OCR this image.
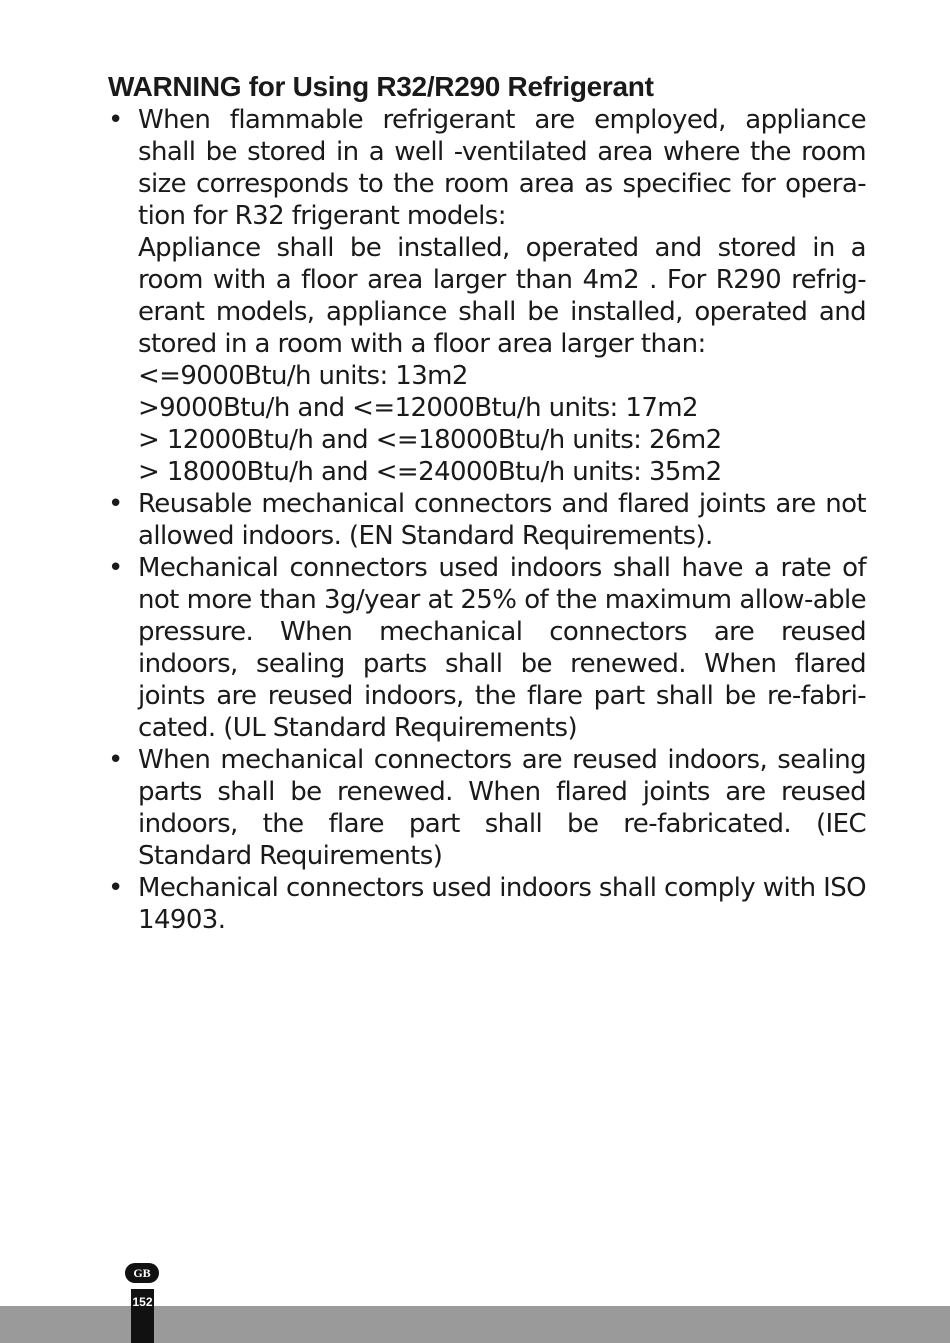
WARNING for Using R32/R290 Refrigerant
• When flammable refrigerant are employed, appliance shall be stored in a well -ventilated area where the room size corresponds to the room area as specifiec for opera-tion for R32 frigerant models:
Appliance shall be installed, operated and stored in a room with a floor area larger than 4m2 . For R290 refrig-erant models, appliance shall be installed, operated and stored in a room with a floor area larger than:
<=9000Btu/h units: 13m2
>9000Btu/h and <=12000Btu/h units: 17m2
> 12000Btu/h and <=18000Btu/h units: 26m2
> 18000Btu/h and <=24000Btu/h units: 35m2
• Reusable mechanical connectors and flared joints are not allowed indoors. (EN Standard Requirements).
• Mechanical connectors used indoors shall have a rate of not more than 3g/year at 25% of the maximum allow-able pressure. When mechanical connectors are reused indoors, sealing parts shall be renewed. When flared joints are reused indoors, the flare part shall be re-fabri-cated. (UL Standard Requirements)
• When mechanical connectors are reused indoors, sealing parts shall be renewed. When flared joints are reused indoors, the flare part shall be re-fabricated. (IEC Standard Requirements)
• Mechanical connectors used indoors shall comply with ISO 14903.
GB
152
